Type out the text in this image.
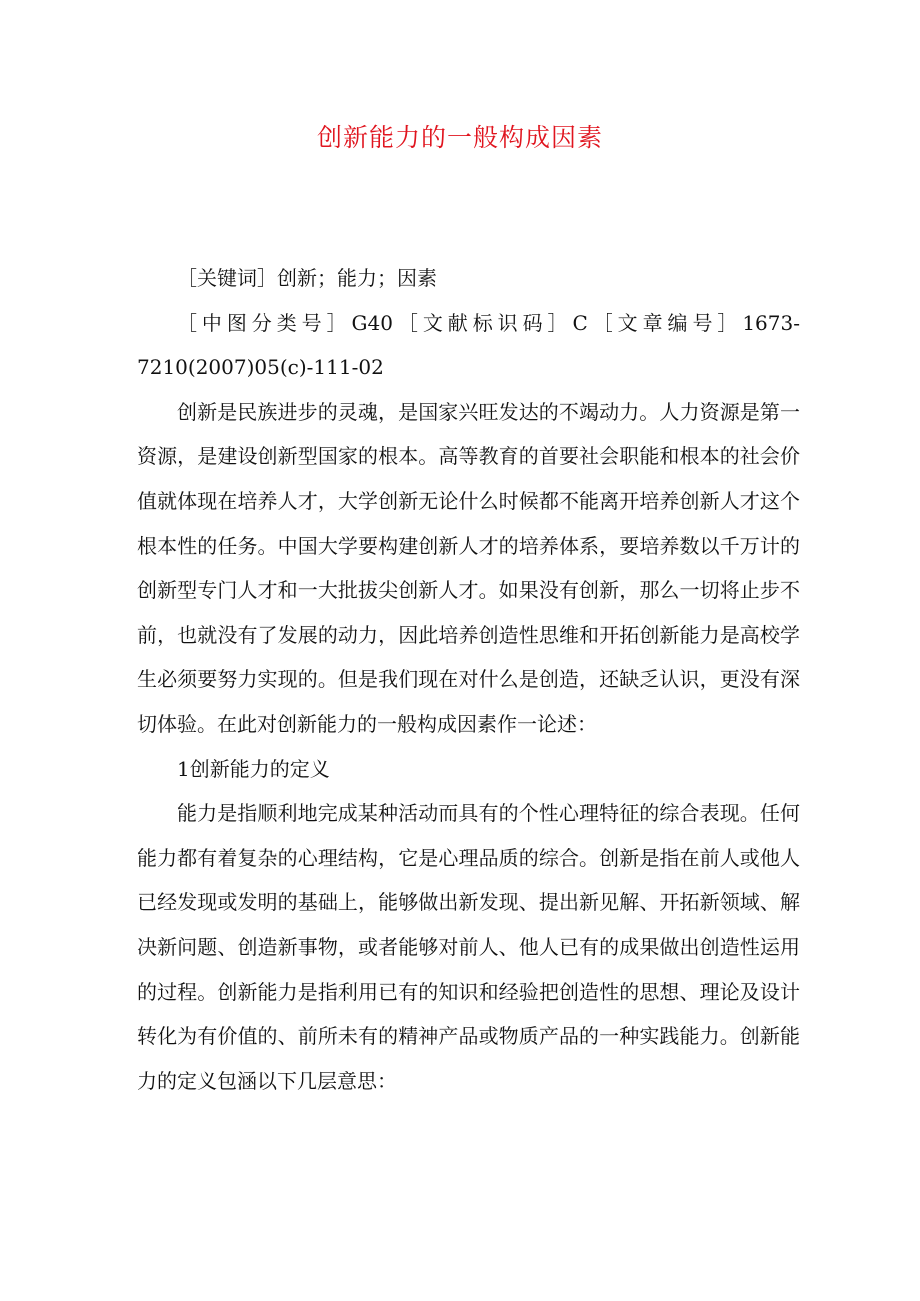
创新能力的一般构成因素

［关键词］创新；能力；因素

［中图分类号］G40［文献标识码］C［文章编号］1673-7210(2007)05(c)-111-02

创新是民族进步的灵魂，是国家兴旺发达的不竭动力。人力资源是第一资源，是建设创新型国家的根本。高等教育的首要社会职能和根本的社会价值就体现在培养人才，大学创新无论什么时候都不能离开培养创新人才这个根本性的任务。中国大学要构建创新人才的培养体系，要培养数以千万计的创新型专门人才和一大批拔尖创新人才。如果没有创新，那么一切将止步不前，也就没有了发展的动力，因此培养创造性思维和开拓创新能力是高校学生必须要努力实现的。但是我们现在对什么是创造，还缺乏认识，更没有深切体验。在此对创新能力的一般构成因素作一论述：

1创新能力的定义

能力是指顺利地完成某种活动而具有的个性心理特征的综合表现。任何能力都有着复杂的心理结构，它是心理品质的综合。创新是指在前人或他人已经发现或发明的基础上，能够做出新发现、提出新见解、开拓新领域、解决新问题、创造新事物，或者能够对前人、他人已有的成果做出创造性运用的过程。创新能力是指利用已有的知识和经验把创造性的思想、理论及设计转化为有价值的、前所未有的精神产品或物质产品的一种实践能力。创新能力的定义包涵以下几层意思：
